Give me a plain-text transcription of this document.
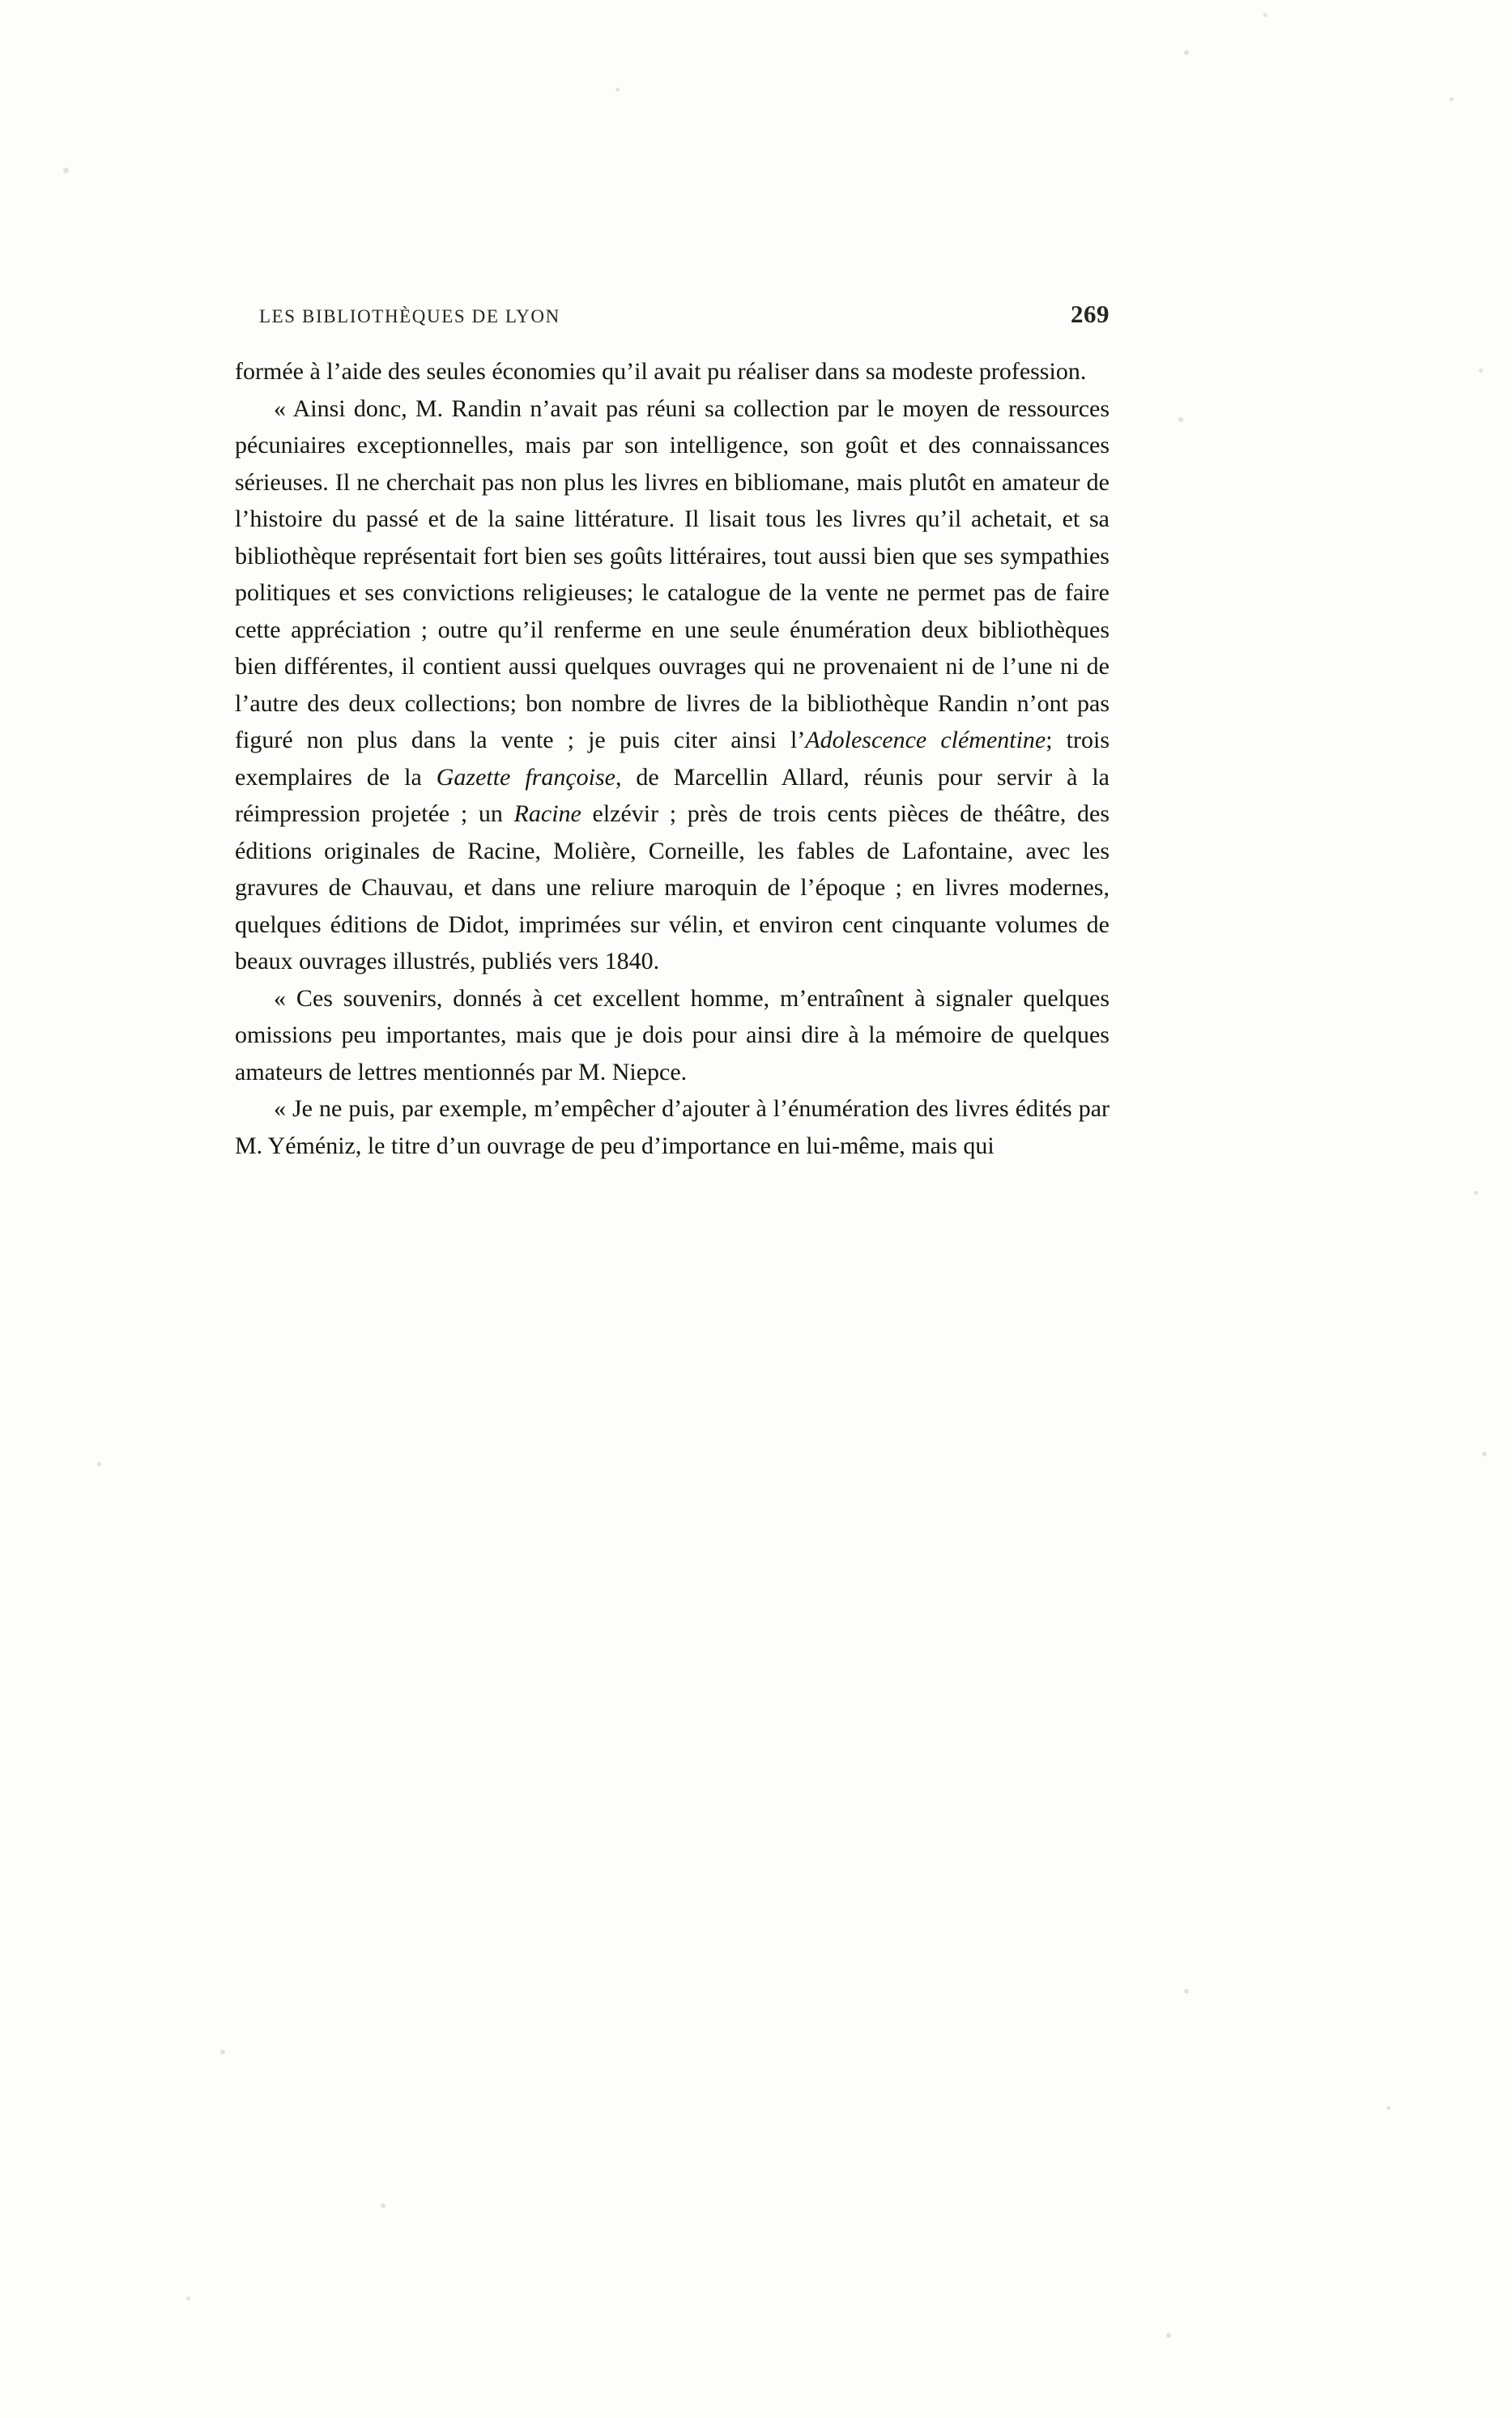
LES BIBLIOTHÈQUES DE LYON	269

formée à l’aide des seules économies qu’il avait pu réaliser dans sa modeste profession.

« Ainsi donc, M. Randin n’avait pas réuni sa collection par le moyen de ressources pécuniaires exceptionnelles, mais par son intelligence, son goût et des connaissances sérieuses. Il ne cherchait pas non plus les livres en bibliomane, mais plutôt en amateur de l’histoire du passé et de la saine littérature. Il lisait tous les livres qu’il achetait, et sa bibliothèque représentait fort bien ses goûts littéraires, tout aussi bien que ses sympathies politiques et ses convictions religieuses; le catalogue de la vente ne permet pas de faire cette appréciation ; outre qu’il renferme en une seule énumération deux bibliothèques bien différentes, il contient aussi quelques ouvrages qui ne provenaient ni de l’une ni de l’autre des deux collections; bon nombre de livres de la bibliothèque Randin n’ont pas figuré non plus dans la vente ; je puis citer ainsi l’Adolescence clémentine; trois exemplaires de la Gazette françoise, de Marcellin Allard, réunis pour servir à la réimpression projetée ; un Racine elzévir ; près de trois cents pièces de théâtre, des éditions originales de Racine, Molière, Corneille, les fables de Lafontaine, avec les gravures de Chauvau, et dans une reliure maroquin de l’époque ; en livres modernes, quelques éditions de Didot, imprimées sur vélin, et environ cent cinquante volumes de beaux ouvrages illustrés, publiés vers 1840.

« Ces souvenirs, donnés à cet excellent homme, m’entraînent à signaler quelques omissions peu importantes, mais que je dois pour ainsi dire à la mémoire de quelques amateurs de lettres mentionnés par M. Niepce.

« Je ne puis, par exemple, m’empêcher d’ajouter à l’énumération des livres édités par M. Yéméniz, le titre d’un ouvrage de peu d’importance en lui-même, mais qui
